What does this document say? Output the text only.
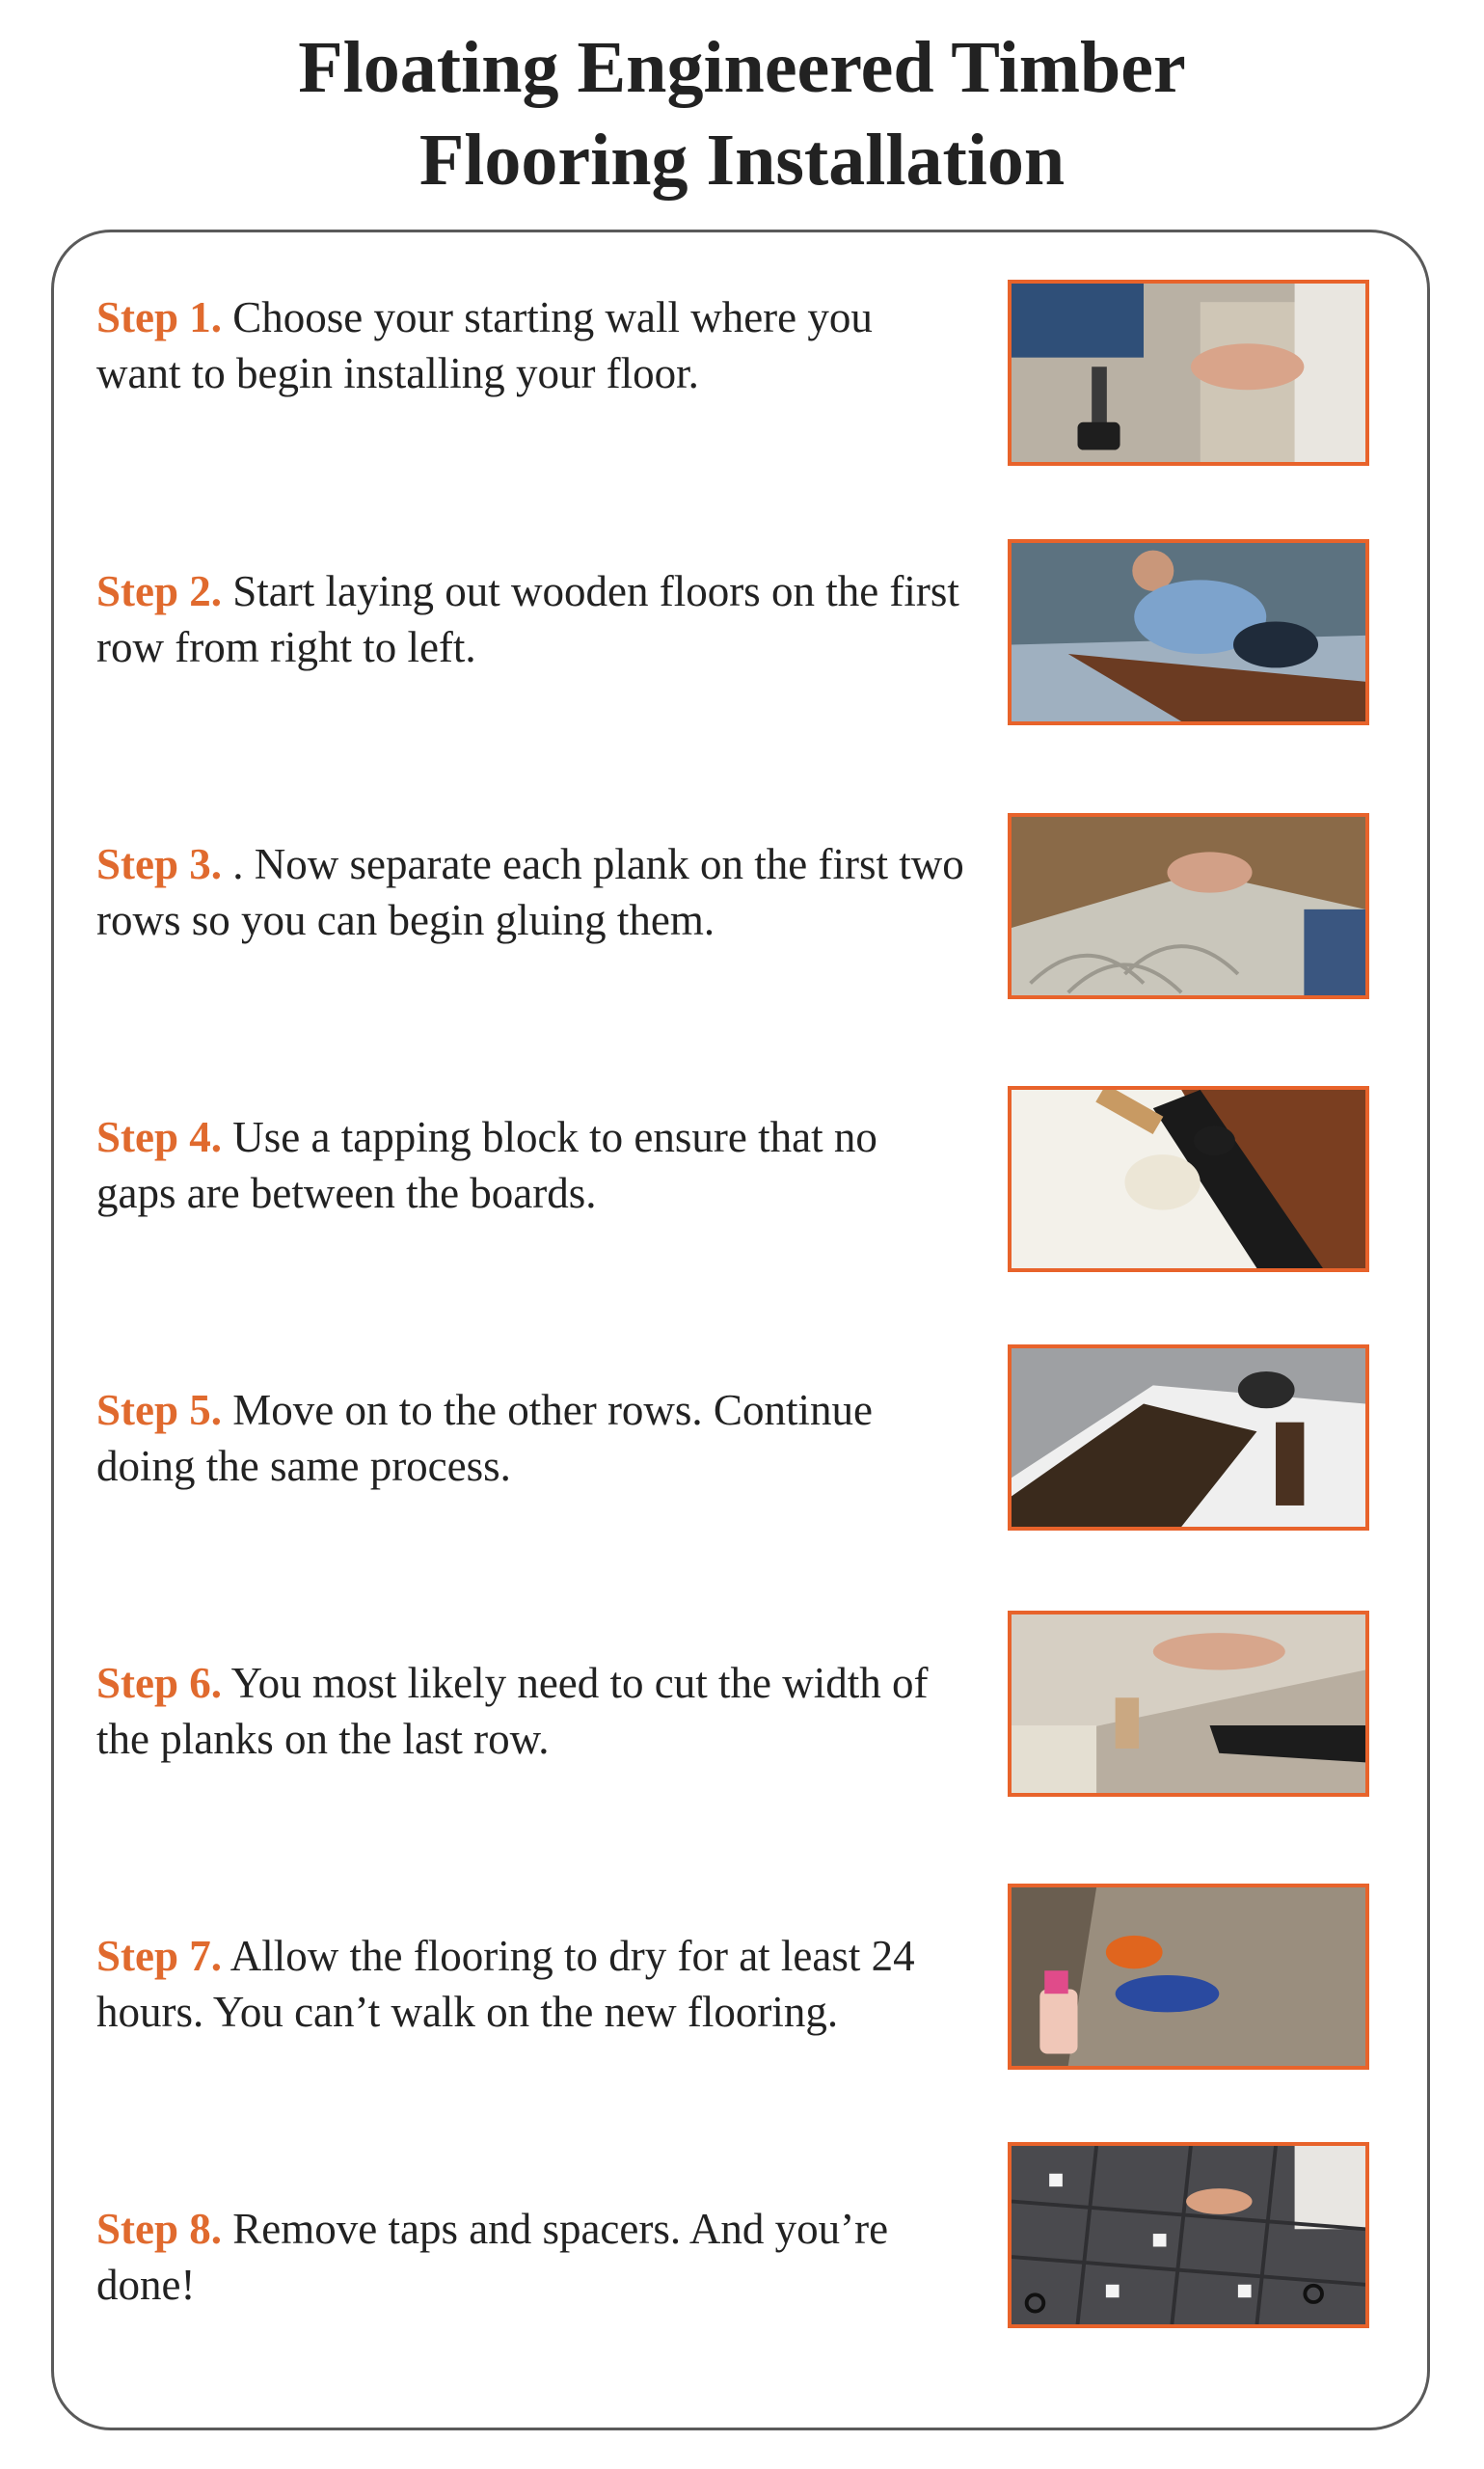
Floating Engineered Timber
Flooring Installation
Step 1. Choose your starting wall where you want to begin installing your floor.
Step 2. Start laying out wooden floors on the first row from right to left.
Step 3. . Now separate each plank on the first two rows so you can begin gluing them.
Step 4. Use a tapping block to ensure that no gaps are between the boards.
Step 5. Move on to the other rows. Continue doing the same process.
Step 6. You most likely need to cut the width of the planks on the last row.
Step 7. Allow the flooring to dry for at least 24 hours. You can’t walk on the new flooring.
Step 8. Remove taps and spacers. And you’re done!
